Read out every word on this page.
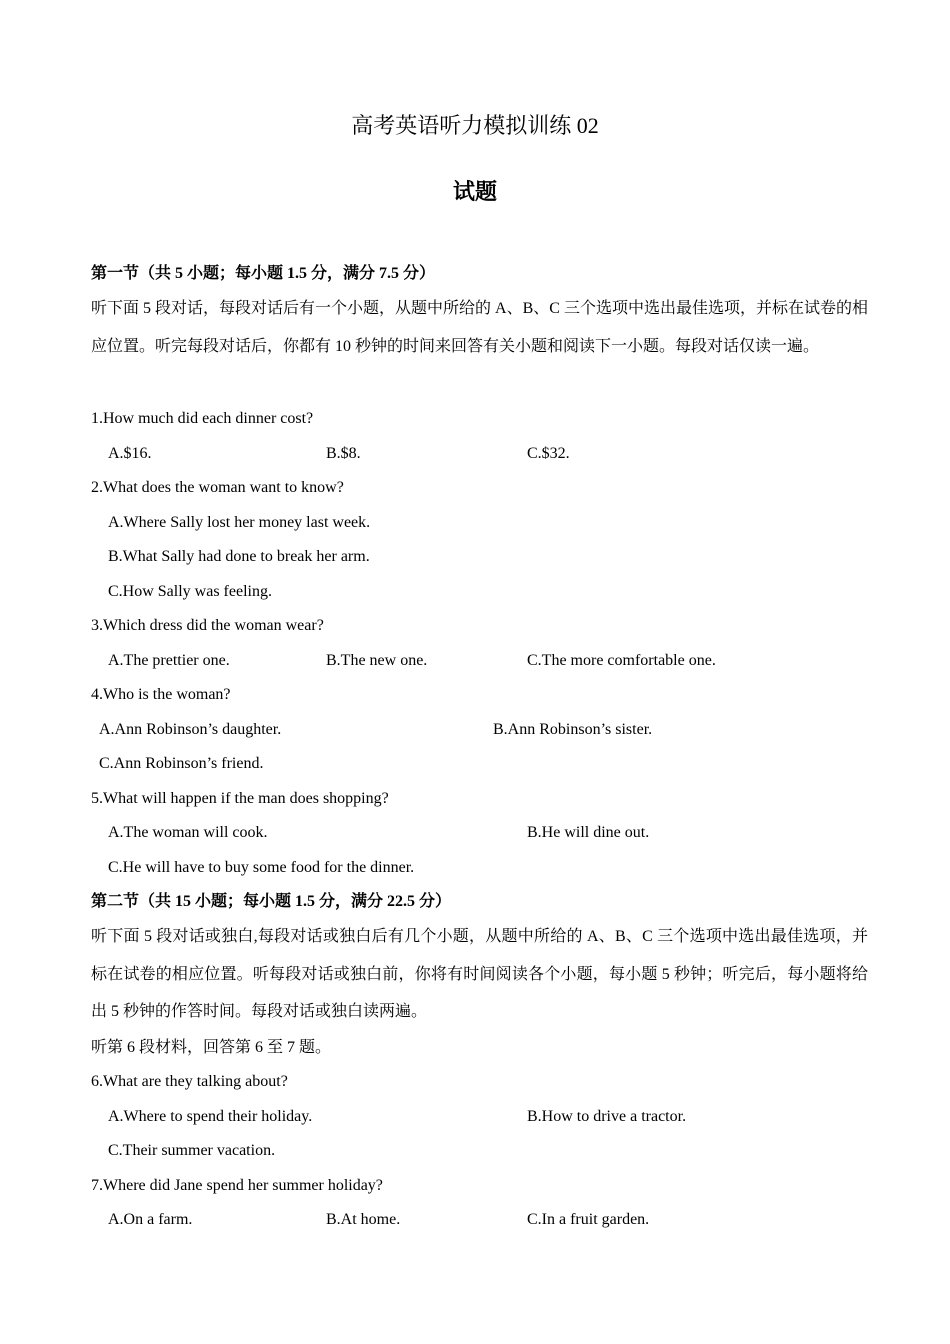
高考英语听力模拟训练 02
试题
第一节（共 5 小题；每小题 1.5 分，满分 7.5 分）
听下面 5 段对话，每段对话后有一个小题，从题中所给的 A、B、C 三个选项中选出最佳选项，并标在试卷的相应位置。听完每段对话后，你都有 10 秒钟的时间来回答有关小题和阅读下一小题。每段对话仅读一遍。
1.How much did each dinner cost?
A.$16.	B.$8.	C.$32.
2.What does the woman want to know?
A.Where Sally lost her money last week.
B.What Sally had done to break her arm.
C.How Sally was feeling.
3.Which dress did the woman wear?
A.The prettier one.	B.The new one.	C.The more comfortable one.
4.Who is the woman?
A.Ann Robinson’s daughter.	B.Ann Robinson’s sister.
C.Ann Robinson’s friend.
5.What will happen if the man does shopping?
A.The woman will cook.	B.He will dine out.
C.He will have to buy some food for the dinner.
第二节（共 15 小题；每小题 1.5 分，满分 22.5 分）
听下面 5 段对话或独白,每段对话或独白后有几个小题，从题中所给的 A、B、C 三个选项中选出最佳选项，并标在试卷的相应位置。听每段对话或独白前，你将有时间阅读各个小题，每小题 5 秒钟；听完后，每小题将给出 5 秒钟的作答时间。每段对话或独白读两遍。
听第 6 段材料，回答第 6 至 7 题。
6.What are they talking about?
A.Where to spend their holiday.	B.How to drive a tractor.
C.Their summer vacation.
7.Where did Jane spend her summer holiday?
A.On a farm.	B.At home.	C.In a fruit garden.
